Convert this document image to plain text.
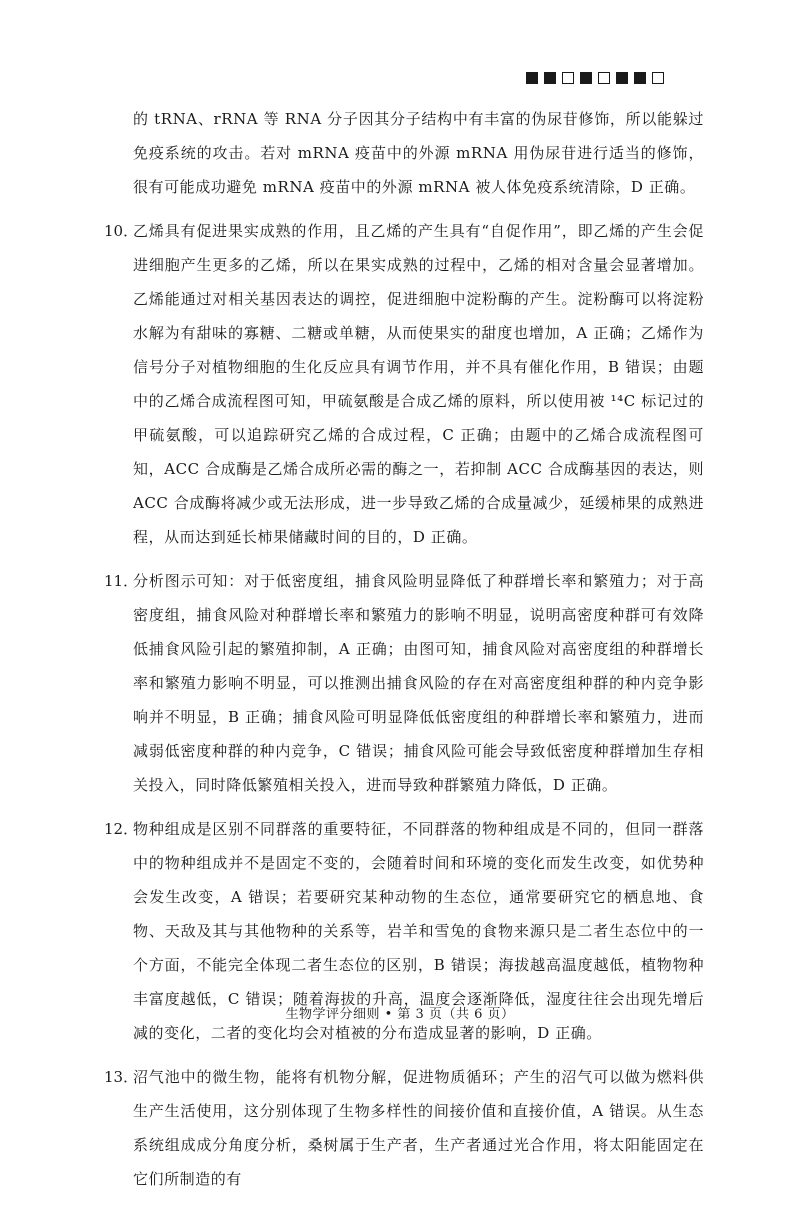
的 tRNA、rRNA 等 RNA 分子因其分子结构中有丰富的伪尿苷修饰，所以能躲过免疫系统的攻击。若对 mRNA 疫苗中的外源 mRNA 用伪尿苷进行适当的修饰，很有可能成功避免 mRNA 疫苗中的外源 mRNA 被人体免疫系统清除，D 正确。
10．
乙烯具有促进果实成熟的作用，且乙烯的产生具有“自促作用”，即乙烯的产生会促进细胞产生更多的乙烯，所以在果实成熟的过程中，乙烯的相对含量会显著增加。乙烯能通过对相关基因表达的调控，促进细胞中淀粉酶的产生。淀粉酶可以将淀粉水解为有甜味的寡糖、二糖或单糖，从而使果实的甜度也增加，A 正确；乙烯作为信号分子对植物细胞的生化反应具有调节作用，并不具有催化作用，B 错误；由题中的乙烯合成流程图可知，甲硫氨酸是合成乙烯的原料，所以使用被 ¹⁴C 标记过的甲硫氨酸，可以追踪研究乙烯的合成过程，C 正确；由题中的乙烯合成流程图可知，ACC 合成酶是乙烯合成所必需的酶之一，若抑制 ACC 合成酶基因的表达，则 ACC 合成酶将减少或无法形成，进一步导致乙烯的合成量减少，延缓柿果的成熟进程，从而达到延长柿果储藏时间的目的，D 正确。
11．
分析图示可知：对于低密度组，捕食风险明显降低了种群增长率和繁殖力；对于高密度组，捕食风险对种群增长率和繁殖力的影响不明显，说明高密度种群可有效降低捕食风险引起的繁殖抑制，A 正确；由图可知，捕食风险对高密度组的种群增长率和繁殖力影响不明显，可以推测出捕食风险的存在对高密度组种群的种内竞争影响并不明显，B 正确；捕食风险可明显降低低密度组的种群增长率和繁殖力，进而减弱低密度种群的种内竞争，C 错误；捕食风险可能会导致低密度种群增加生存相关投入，同时降低繁殖相关投入，进而导致种群繁殖力降低，D 正确。
12．
物种组成是区别不同群落的重要特征，不同群落的物种组成是不同的，但同一群落中的物种组成并不是固定不变的，会随着时间和环境的变化而发生改变，如优势种会发生改变，A 错误；若要研究某种动物的生态位，通常要研究它的栖息地、食物、天敌及其与其他物种的关系等，岩羊和雪兔的食物来源只是二者生态位中的一个方面，不能完全体现二者生态位的区别，B 错误；海拔越高温度越低，植物物种丰富度越低，C 错误；随着海拔的升高，温度会逐渐降低，湿度往往会出现先增后减的变化，二者的变化均会对植被的分布造成显著的影响，D 正确。
13．
沼气池中的微生物，能将有机物分解，促进物质循环；产生的沼气可以做为燃料供生产生活使用，这分别体现了生物多样性的间接价值和直接价值，A 错误。从生态系统组成成分角度分析，桑树属于生产者，生产者通过光合作用，将太阳能固定在它们所制造的有
生物学评分细则 • 第 3 页（共 6 页）
